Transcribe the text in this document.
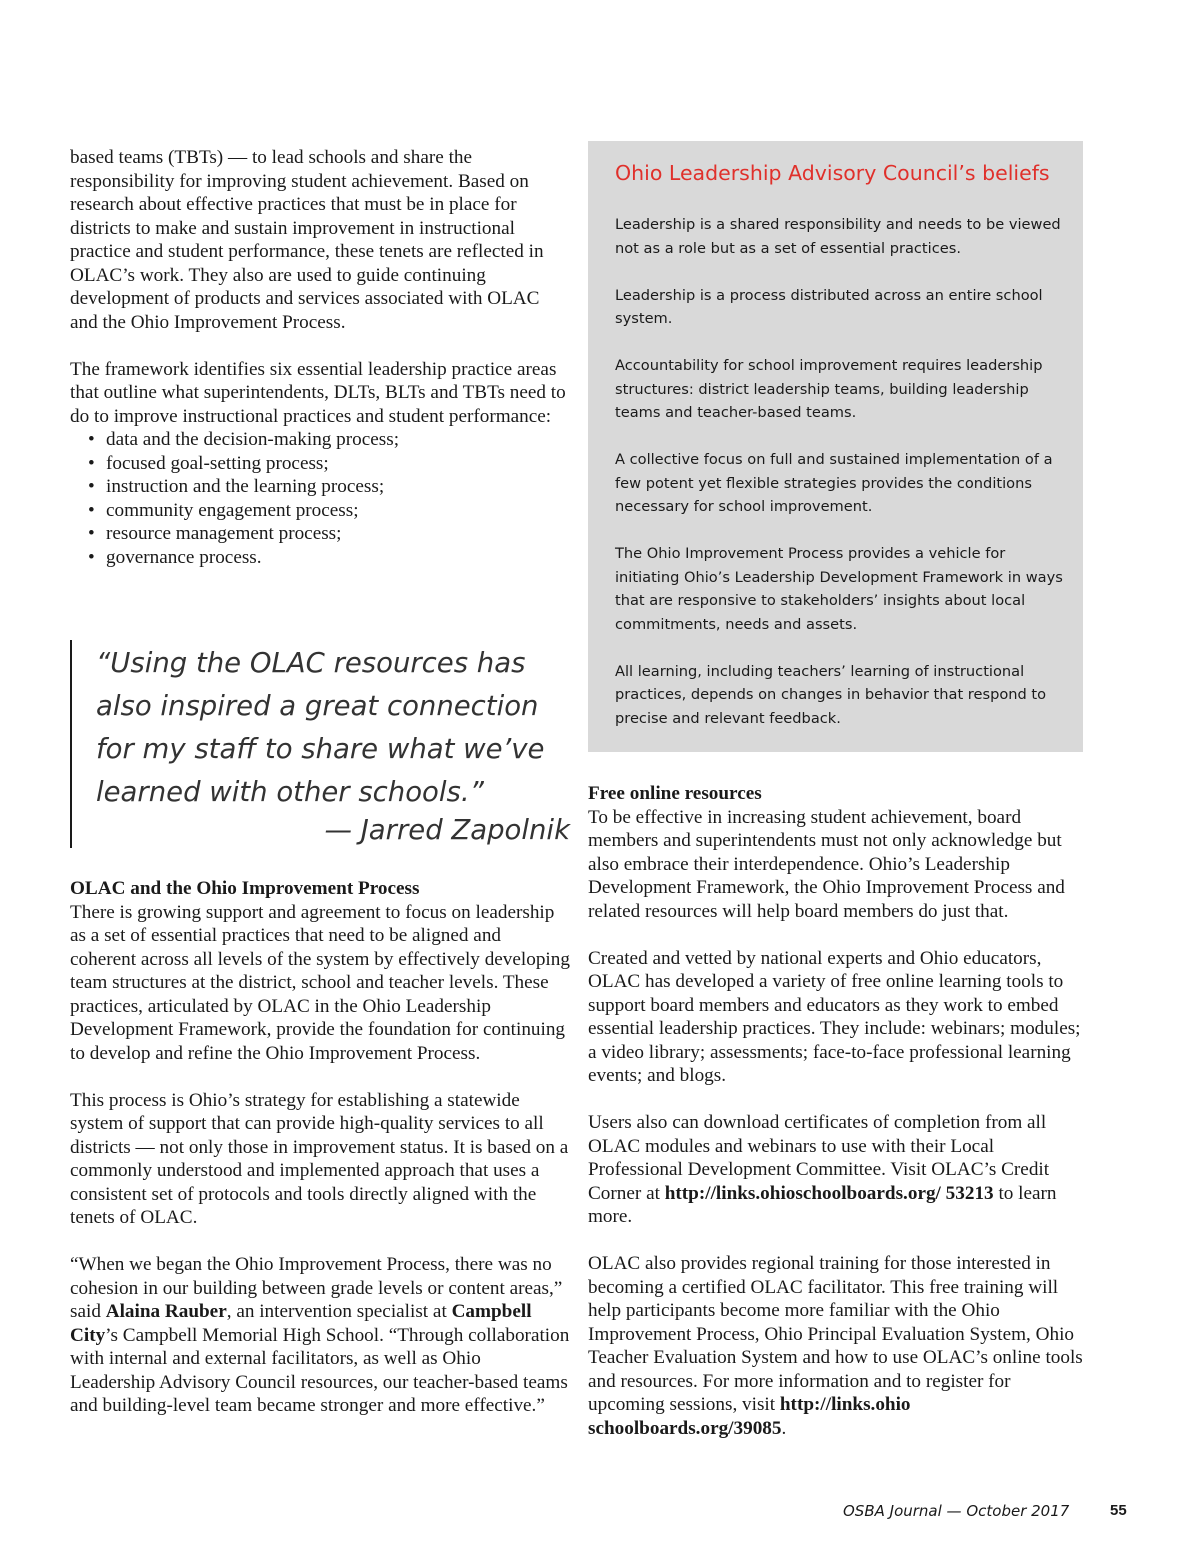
based teams (TBTs) — to lead schools and share the responsibility for improving student achievement. Based on research about effective practices that must be in place for districts to make and sustain improvement in instructional practice and student performance, these tenets are reflected in OLAC’s work. They also are used to guide continuing development of products and services associated with OLAC and the Ohio Improvement Process.

The framework identifies six essential leadership practice areas that outline what superintendents, DLTs, BLTs and TBTs need to do to improve instructional practices and student performance:

• data and the decision-making process;
• focused goal-setting process;
• instruction and the learning process;
• community engagement process;
• resource management process;
• governance process.
“Using the OLAC resources has also inspired a great connection for my staff to share what we’ve learned with other schools.”
— Jarred Zapolnik

OLAC and the Ohio Improvement Process

There is growing support and agreement to focus on leadership as a set of essential practices that need to be aligned and coherent across all levels of the system by effectively developing team structures at the district, school and teacher levels. These practices, articulated by OLAC in the Ohio Leadership Development Framework, provide the foundation for continuing to develop and refine the Ohio Improvement Process.

This process is Ohio’s strategy for establishing a statewide system of support that can provide high-quality services to all districts — not only those in improvement status. It is based on a commonly understood and implemented approach that uses a consistent set of protocols and tools directly aligned with the tenets of OLAC.

“When we began the Ohio Improvement Process, there was no cohesion in our building between grade levels or content areas,” said Alaina Rauber, an intervention specialist at Campbell City’s Campbell Memorial High School. “Through collaboration with internal and external facilitators, as well as Ohio Leadership Advisory Council resources, our teacher-based teams and building-level team became stronger and more effective.”

Ohio Leadership Advisory Council’s beliefs

Leadership is a shared responsibility and needs to be viewed not as a role but as a set of essential practices.

Leadership is a process distributed across an entire school system.

Accountability for school improvement requires leadership structures: district leadership teams, building leadership teams and teacher-based teams.

A collective focus on full and sustained implementation of a few potent yet flexible strategies provides the conditions necessary for school improvement.

The Ohio Improvement Process provides a vehicle for initiating Ohio’s Leadership Development Framework in ways that are responsive to stakeholders’ insights about local commitments, needs and assets.

All learning, including teachers’ learning of instructional practices, depends on changes in behavior that respond to precise and relevant feedback.

Free online resources

To be effective in increasing student achievement, board members and superintendents must not only acknowledge but also embrace their interdependence. Ohio’s Leadership Development Framework, the Ohio Improvement Process and related resources will help board members do just that.

Created and vetted by national experts and Ohio educators, OLAC has developed a variety of free online learning tools to support board members and educators as they work to embed essential leadership practices. They include: webinars; modules; a video library; assessments; face-to-face professional learning events; and blogs.

Users also can download certificates of completion from all OLAC modules and webinars to use with their Local Professional Development Committee. Visit OLAC’s Credit Corner at http://links.ohioschoolboards.org/ 53213 to learn more.

OLAC also provides regional training for those interested in becoming a certified OLAC facilitator. This free training will help participants become more familiar with the Ohio Improvement Process, Ohio Principal Evaluation System, Ohio Teacher Evaluation System and how to use OLAC’s online tools and resources. For more information and to register for upcoming sessions, visit http://links.ohio schoolboards.org/39085.

OSBA Journal — October 2017	55
